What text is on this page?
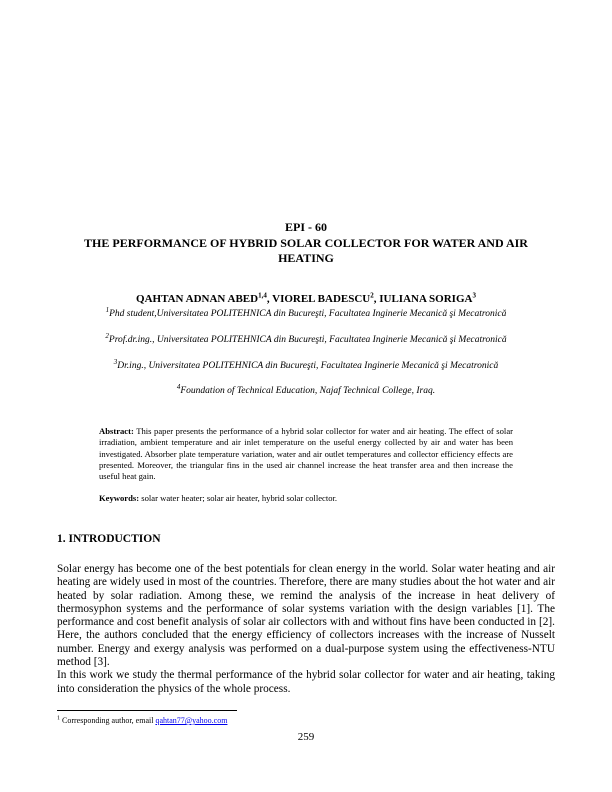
EPI - 60
THE PERFORMANCE OF HYBRID SOLAR COLLECTOR FOR WATER AND AIR HEATING
QAHTAN ADNAN ABED$^{1,4}$, VIOREL BADESCU$^2$, IULIANA SORIGA$^3$
$^1$Phd student,Universitatea POLITEHNICA din Bucureşti, Facultatea Inginerie Mecanică şi Mecatronică
$^2$Prof.dr.ing., Universitatea POLITEHNICA din Bucureşti, Facultatea Inginerie Mecanică şi Mecatronică
$^3$Dr.ing., Universitatea POLITEHNICA din Bucureşti, Facultatea Inginerie Mecanică şi Mecatronică
$^4$Foundation of Technical Education, Najaf Technical College, Iraq.
Abstract: This paper presents the performance of a hybrid solar collector for water and air heating. The effect of solar irradiation, ambient temperature and air inlet temperature on the useful energy collected by air and water has been investigated. Absorber plate temperature variation, water and air outlet temperatures and collector efficiency effects are presented. Moreover, the triangular fins in the used air channel increase the heat transfer area and then increase the useful heat gain.
Keywords: solar water heater; solar air heater, hybrid solar collector.
1. INTRODUCTION

Solar energy has become one of the best potentials for clean energy in the world. Solar water heating and air heating are widely used in most of the countries. Therefore, there are many studies about the hot water and air heated by solar radiation. Among these, we remind the analysis of the increase in heat delivery of thermosyphon systems and the performance of solar systems variation with the design variables [1]. The performance and cost benefit analysis of solar air collectors with and without fins have been conducted in [2]. Here, the authors concluded that the energy efficiency of collectors increases with the increase of Nusselt number. Energy and exergy analysis was performed on a dual-purpose system using the effectiveness-NTU method [3].

In this work we study the thermal performance of the hybrid solar collector for water and air heating, taking into consideration the physics of the whole process.

$^1$ Corresponding author, email qahtan77@yahoo.com
259
